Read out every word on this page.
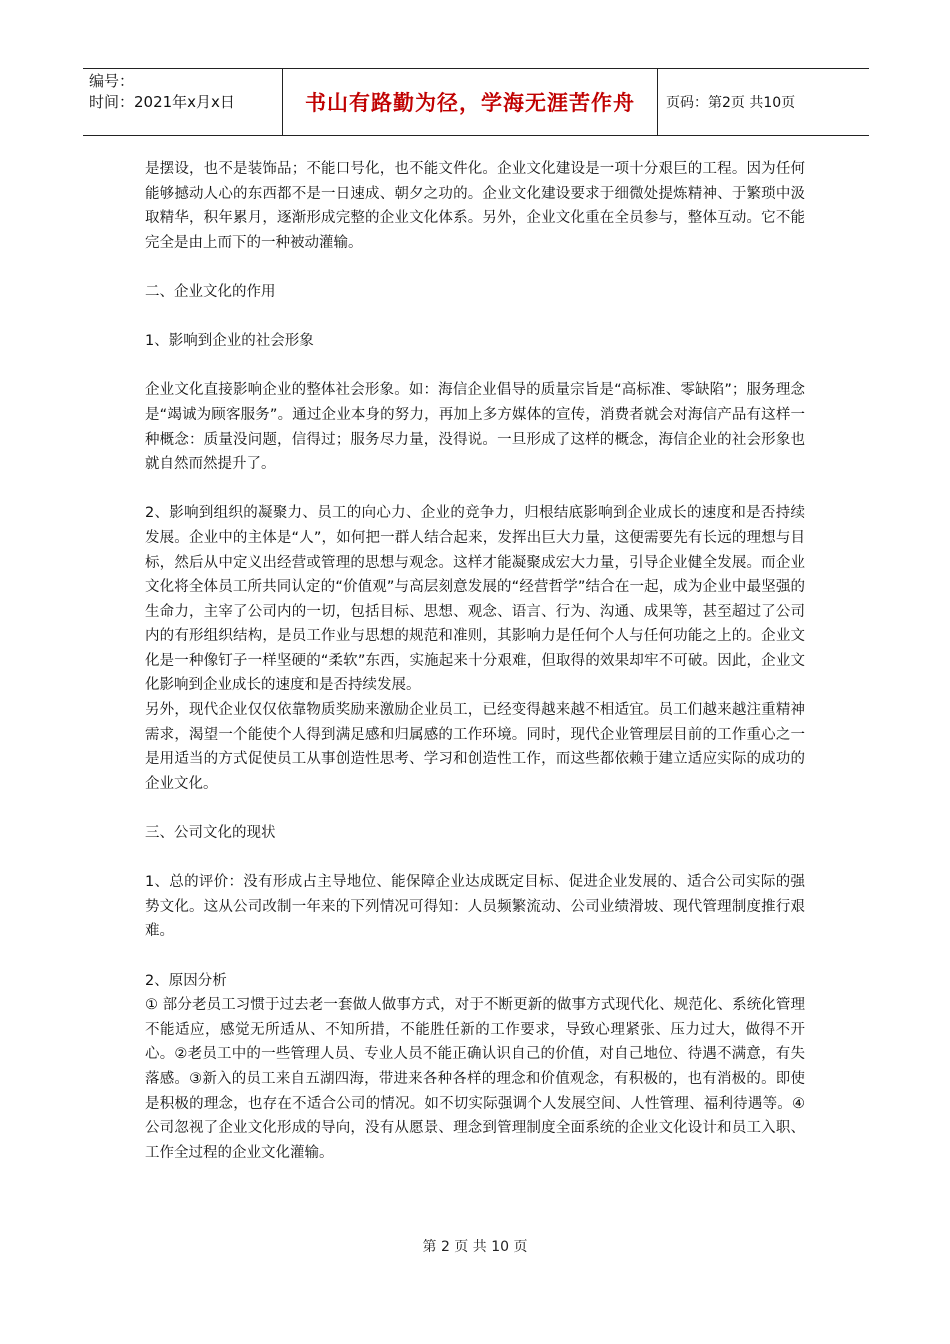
编号：
时间：2021年x月x日	书山有路勤为径，学海无涯苦作舟	页码：第2页 共10页

是摆设，也不是装饰品；不能口号化，也不能文件化。企业文化建设是一项十分艰巨的工程。因为任何能够撼动人心的东西都不是一日速成、朝夕之功的。企业文化建设要求于细微处提炼精神、于繁琐中汲取精华，积年累月，逐渐形成完整的企业文化体系。另外，企业文化重在全员参与，整体互动。它不能完全是由上而下的一种被动灌输。

二、企业文化的作用

1、影响到企业的社会形象

企业文化直接影响企业的整体社会形象。如：海信企业倡导的质量宗旨是“高标准、零缺陷”；服务理念是“竭诚为顾客服务”。通过企业本身的努力，再加上多方媒体的宣传，消费者就会对海信产品有这样一种概念：质量没问题，信得过；服务尽力量，没得说。一旦形成了这样的概念，海信企业的社会形象也就自然而然提升了。

2、影响到组织的凝聚力、员工的向心力、企业的竞争力，归根结底影响到企业成长的速度和是否持续发展。企业中的主体是“人”，如何把一群人结合起来，发挥出巨大力量，这便需要先有长远的理想与目标，然后从中定义出经营或管理的思想与观念。这样才能凝聚成宏大力量，引导企业健全发展。而企业文化将全体员工所共同认定的“价值观”与高层刻意发展的“经营哲学”结合在一起，成为企业中最坚强的生命力，主宰了公司内的一切，包括目标、思想、观念、语言、行为、沟通、成果等，甚至超过了公司内的有形组织结构，是员工作业与思想的规范和准则，其影响力是任何个人与任何功能之上的。企业文化是一种像钉子一样坚硬的“柔软”东西，实施起来十分艰难，但取得的效果却牢不可破。因此，企业文化影响到企业成长的速度和是否持续发展。

另外，现代企业仅仅依靠物质奖励来激励企业员工，已经变得越来越不相适宜。员工们越来越注重精神需求，渴望一个能使个人得到满足感和归属感的工作环境。同时，现代企业管理层目前的工作重心之一是用适当的方式促使员工从事创造性思考、学习和创造性工作，而这些都依赖于建立适应实际的成功的企业文化。

三、公司文化的现状

1、总的评价：没有形成占主导地位、能保障企业达成既定目标、促进企业发展的、适合公司实际的强势文化。这从公司改制一年来的下列情况可得知：人员频繁流动、公司业绩滑坡、现代管理制度推行艰难。

2、原因分析

① 部分老员工习惯于过去老一套做人做事方式，对于不断更新的做事方式现代化、规范化、系统化管理不能适应，感觉无所适从、不知所措，不能胜任新的工作要求，导致心理紧张、压力过大，做得不开心。②老员工中的一些管理人员、专业人员不能正确认识自己的价值，对自己地位、待遇不满意，有失落感。③新入的员工来自五湖四海，带进来各种各样的理念和价值观念，有积极的，也有消极的。即使是积极的理念，也存在不适合公司的情况。如不切实际强调个人发展空间、人性管理、福利待遇等。④公司忽视了企业文化形成的导向，没有从愿景、理念到管理制度全面系统的企业文化设计和员工入职、工作全过程的企业文化灌输。

第 2 页 共 10 页
